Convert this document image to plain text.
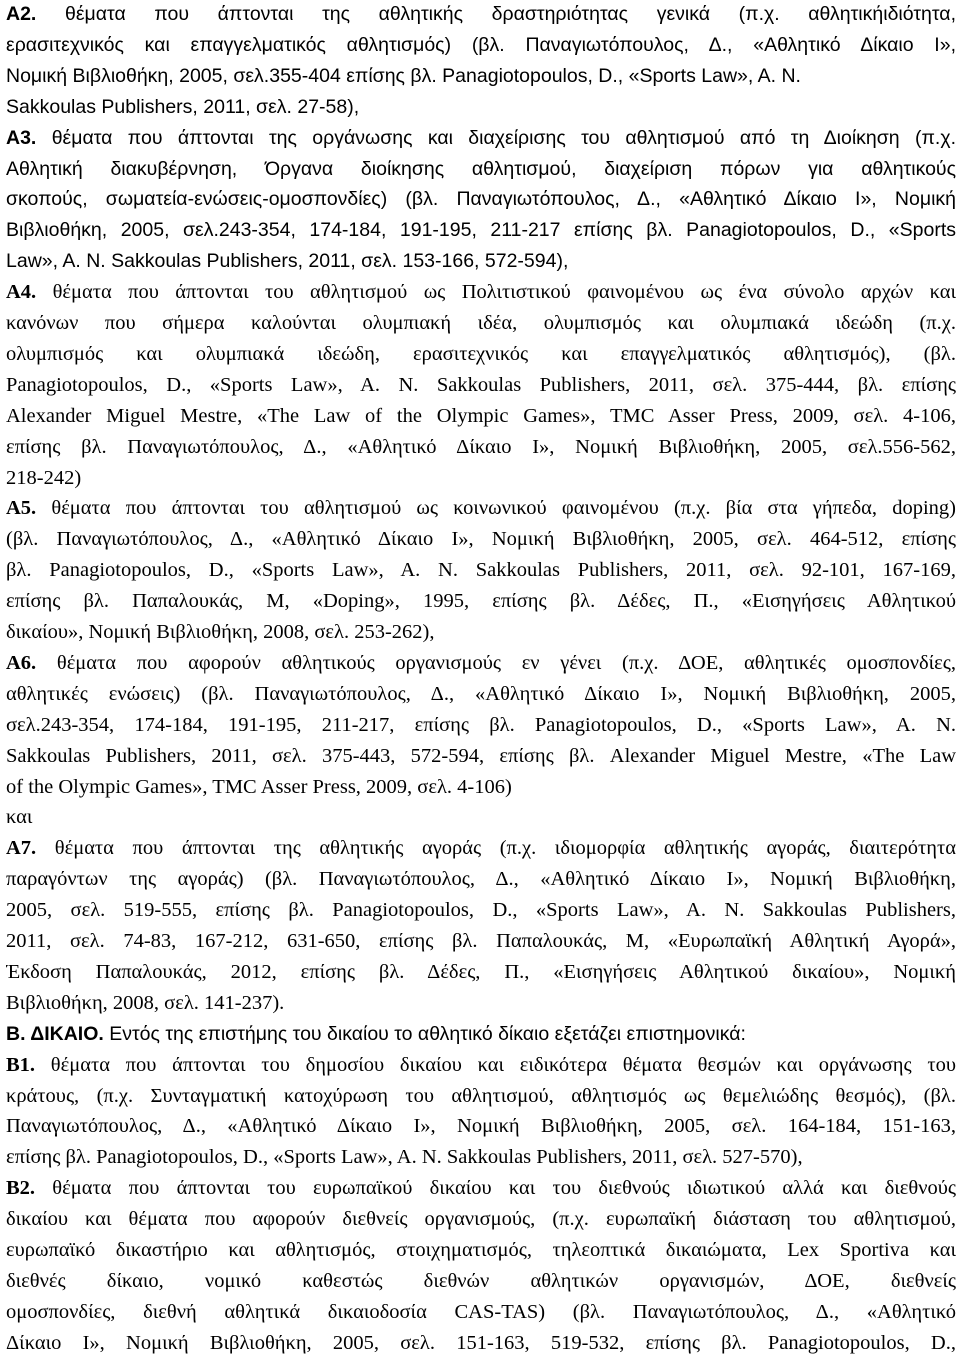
A2. θέματα που άπτονται της αθλητικής δραστηριότητας γενικά (π.χ. αθλητικήιδιότητα,
ερασιτεχνικός και επαγγελματικός αθλητισμός) (βλ. Παναγιωτόπουλος, Δ., «Αθλητικό Δίκαιο Ι»,
Νομική Βιβλιοθήκη, 2005, σελ.355-404 επίσης βλ. Panagiotopoulos, D., «Sports Law», A. N.
Sakkoulas Publishers, 2011, σελ. 27-58),
A3. θέματα που άπτονται της οργάνωσης και διαχείρισης του αθλητισμού από τη Διοίκηση (π.χ.
Αθλητική διακυβέρνηση, Όργανα διοίκησης αθλητισμού, διαχείριση πόρων για αθλητικούς
σκοπούς, σωματεία-ενώσεις-ομοσπονδίες) (βλ. Παναγιωτόπουλος, Δ., «Αθλητικό Δίκαιο Ι», Νομική
Βιβλιοθήκη, 2005, σελ.243-354, 174-184, 191-195, 211-217 επίσης βλ. Panagiotopoulos, D., «Sports
Law», A. N. Sakkoulas Publishers, 2011, σελ. 153-166, 572-594),
A4. θέματα που άπτονται του αθλητισμού ως Πολιτιστικού φαινομένου ως ένα σύνολο αρχών και
κανόνων που σήμερα καλούνται ολυμπιακή ιδέα, ολυμπισμός και ολυμπιακά ιδεώδη (π.χ.
ολυμπισμός και ολυμπιακά ιδεώδη, ερασιτεχνικός και επαγγελματικός αθλητισμός), (βλ.
Panagiotopoulos, D., «Sports Law», A. N. Sakkoulas Publishers, 2011, σελ. 375-444, βλ. επίσης
Alexander Miguel Mestre, «The Law of the Olympic Games», TMC Asser Press, 2009, σελ. 4-106,
επίσης βλ. Παναγιωτόπουλος, Δ., «Αθλητικό Δίκαιο Ι», Νομική Βιβλιοθήκη, 2005, σελ.556-562,
218-242)
A5. θέματα που άπτονται του αθλητισμού ως κοινωνικού φαινομένου (π.χ. βία στα γήπεδα, doping)
(βλ. Παναγιωτόπουλος, Δ., «Αθλητικό Δίκαιο Ι», Νομική Βιβλιοθήκη, 2005, σελ. 464-512, επίσης
βλ. Panagiotopoulos, D., «Sports Law», A. N. Sakkoulas Publishers, 2011, σελ. 92-101, 167-169,
επίσης βλ. Παπαλουκάς, Μ, «Doping», 1995, επίσης βλ. Δέδες, Π., «Εισηγήσεις Αθλητικού
δικαίου», Νομική Βιβλιοθήκη, 2008, σελ. 253-262),
A6. θέματα που αφορούν αθλητικούς οργανισμούς εν γένει (π.χ. ΔΟΕ, αθλητικές ομοσπονδίες,
αθλητικές ενώσεις) (βλ. Παναγιωτόπουλος, Δ., «Αθλητικό Δίκαιο Ι», Νομική Βιβλιοθήκη, 2005,
σελ.243-354, 174-184, 191-195, 211-217, επίσης βλ. Panagiotopoulos, D., «Sports Law», A. N.
Sakkoulas Publishers, 2011, σελ. 375-443, 572-594, επίσης βλ. Alexander Miguel Mestre, «The Law
of the Olympic Games», TMC Asser Press, 2009, σελ. 4-106)
και
A7. θέματα που άπτονται της αθλητικής αγοράς (π.χ. ιδιομορφία αθλητικής αγοράς, διαιτερότητα
παραγόντων της αγοράς) (βλ. Παναγιωτόπουλος, Δ., «Αθλητικό Δίκαιο Ι», Νομική Βιβλιοθήκη,
2005, σελ. 519-555, επίσης βλ. Panagiotopoulos, D., «Sports Law», A. N. Sakkoulas Publishers,
2011, σελ. 74-83, 167-212, 631-650, επίσης βλ. Παπαλουκάς, Μ, «Ευρωπαϊκή Αθλητική Αγορά»,
Έκδοση Παπαλουκάς, 2012, επίσης βλ. Δέδες, Π., «Εισηγήσεις Αθλητικού δικαίου», Νομική
Βιβλιοθήκη, 2008, σελ. 141-237).
Β. ΔΙΚΑΙΟ. Εντός της επιστήμης του δικαίου το αθλητικό δίκαιο εξετάζει επιστημονικά:
Β1. θέματα που άπτονται του δημοσίου δικαίου και ειδικότερα θέματα θεσμών και οργάνωσης του
κράτους, (π.χ. Συνταγματική κατοχύρωση του αθλητισμού, αθλητισμός ως θεμελιώδης θεσμός), (βλ.
Παναγιωτόπουλος, Δ., «Αθλητικό Δίκαιο Ι», Νομική Βιβλιοθήκη, 2005, σελ. 164-184, 151-163,
επίσης βλ. Panagiotopoulos, D., «Sports Law», A. N. Sakkoulas Publishers, 2011, σελ. 527-570),
Β2. θέματα που άπτονται του ευρωπαϊκού δικαίου και του διεθνούς ιδιωτικού αλλά και διεθνούς
δικαίου και θέματα που αφορούν διεθνείς οργανισμούς, (π.χ. ευρωπαϊκή διάσταση του αθλητισμού,
ευρωπαϊκό δικαστήριο και αθλητισμός, στοιχηματισμός, τηλεοπτικά δικαιώματα, Lex Sportiva και
διεθνές δίκαιο, νομικό καθεστώς διεθνών αθλητικών οργανισμών, ΔΟΕ, διεθνείς
ομοσπονδίες, διεθνή αθλητικά δικαιοδοσία CAS-TAS) (βλ. Παναγιωτόπουλος, Δ., «Αθλητικό
Δίκαιο Ι», Νομική Βιβλιοθήκη, 2005, σελ. 151-163, 519-532, επίσης βλ. Panagiotopoulos, D.,
